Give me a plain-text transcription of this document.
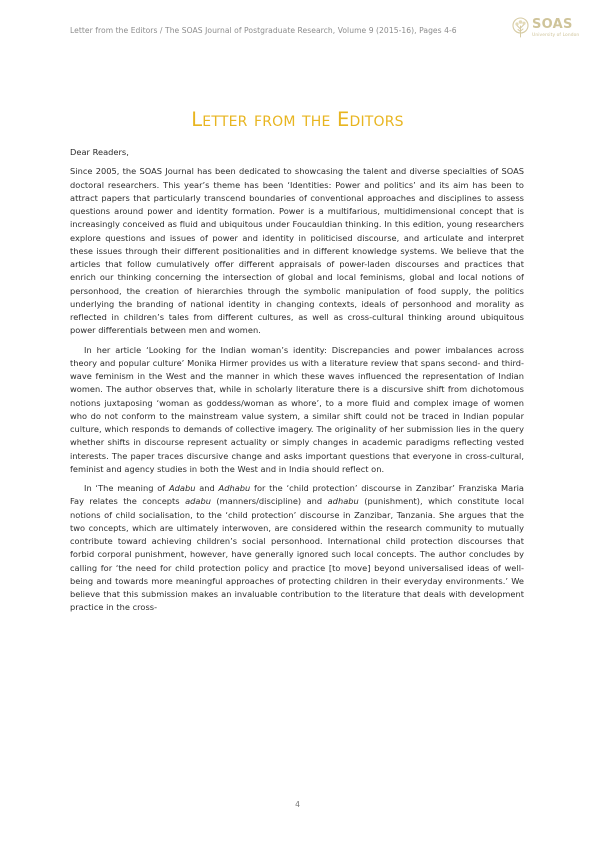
Letter from the Editors / The SOAS Journal of Postgraduate Research, Volume 9 (2015-16), Pages 4-6	SOAS
University of London
Letter from the Editors

Dear Readers,

Since 2005, the SOAS Journal has been dedicated to showcasing the talent and diverse specialties of SOAS doctoral researchers. This year’s theme has been ‘Identities: Power and politics’ and its aim has been to attract papers that particularly transcend boundaries of conventional approaches and disciplines to assess questions around power and identity formation. Power is a multifarious, multidimensional concept that is increasingly conceived as fluid and ubiquitous under Foucauldian thinking. In this edition, young researchers explore questions and issues of power and identity in politicised discourse, and articulate and interpret these issues through their different positionalities and in different knowledge systems. We believe that the articles that follow cumulatively offer different appraisals of power-laden discourses and practices that enrich our thinking concerning the intersection of global and local feminisms, global and local notions of personhood, the creation of hierarchies through the symbolic manipulation of food supply, the politics underlying the branding of national identity in changing contexts, ideals of personhood and morality as reflected in children’s tales from different cultures, as well as cross-cultural thinking around ubiquitous power differentials between men and women.

In her article ‘Looking for the Indian woman’s identity: Discrepancies and power imbalances across theory and popular culture’ Monika Hirmer provides us with a literature review that spans second- and third-wave feminism in the West and the manner in which these waves influenced the representation of Indian women. The author observes that, while in scholarly literature there is a discursive shift from dichotomous notions juxtaposing ‘woman as goddess/woman as whore’, to a more fluid and complex image of women who do not conform to the mainstream value system, a similar shift could not be traced in Indian popular culture, which responds to demands of collective imagery. The originality of her submission lies in the query whether shifts in discourse represent actuality or simply changes in academic paradigms reflecting vested interests. The paper traces discursive change and asks important questions that everyone in cross-cultural, feminist and agency studies in both the West and in India should reflect on.

In ‘The meaning of Adabu and Adhabu for the ‘child protection’ discourse in Zanzibar’ Franziska Maria Fay relates the concepts adabu (manners/discipline) and adhabu (punishment), which constitute local notions of child socialisation, to the ‘child protection’ discourse in Zanzibar, Tanzania. She argues that the two concepts, which are ultimately interwoven, are considered within the research community to mutually contribute toward achieving children’s social personhood. International child protection discourses that forbid corporal punishment, however, have generally ignored such local concepts. The author concludes by calling for ‘the need for child protection policy and practice [to move] beyond universalised ideas of well-being and towards more meaningful approaches of protecting children in their everyday environments.’ We believe that this submission makes an invaluable contribution to the literature that deals with development practice in the cross-

4
